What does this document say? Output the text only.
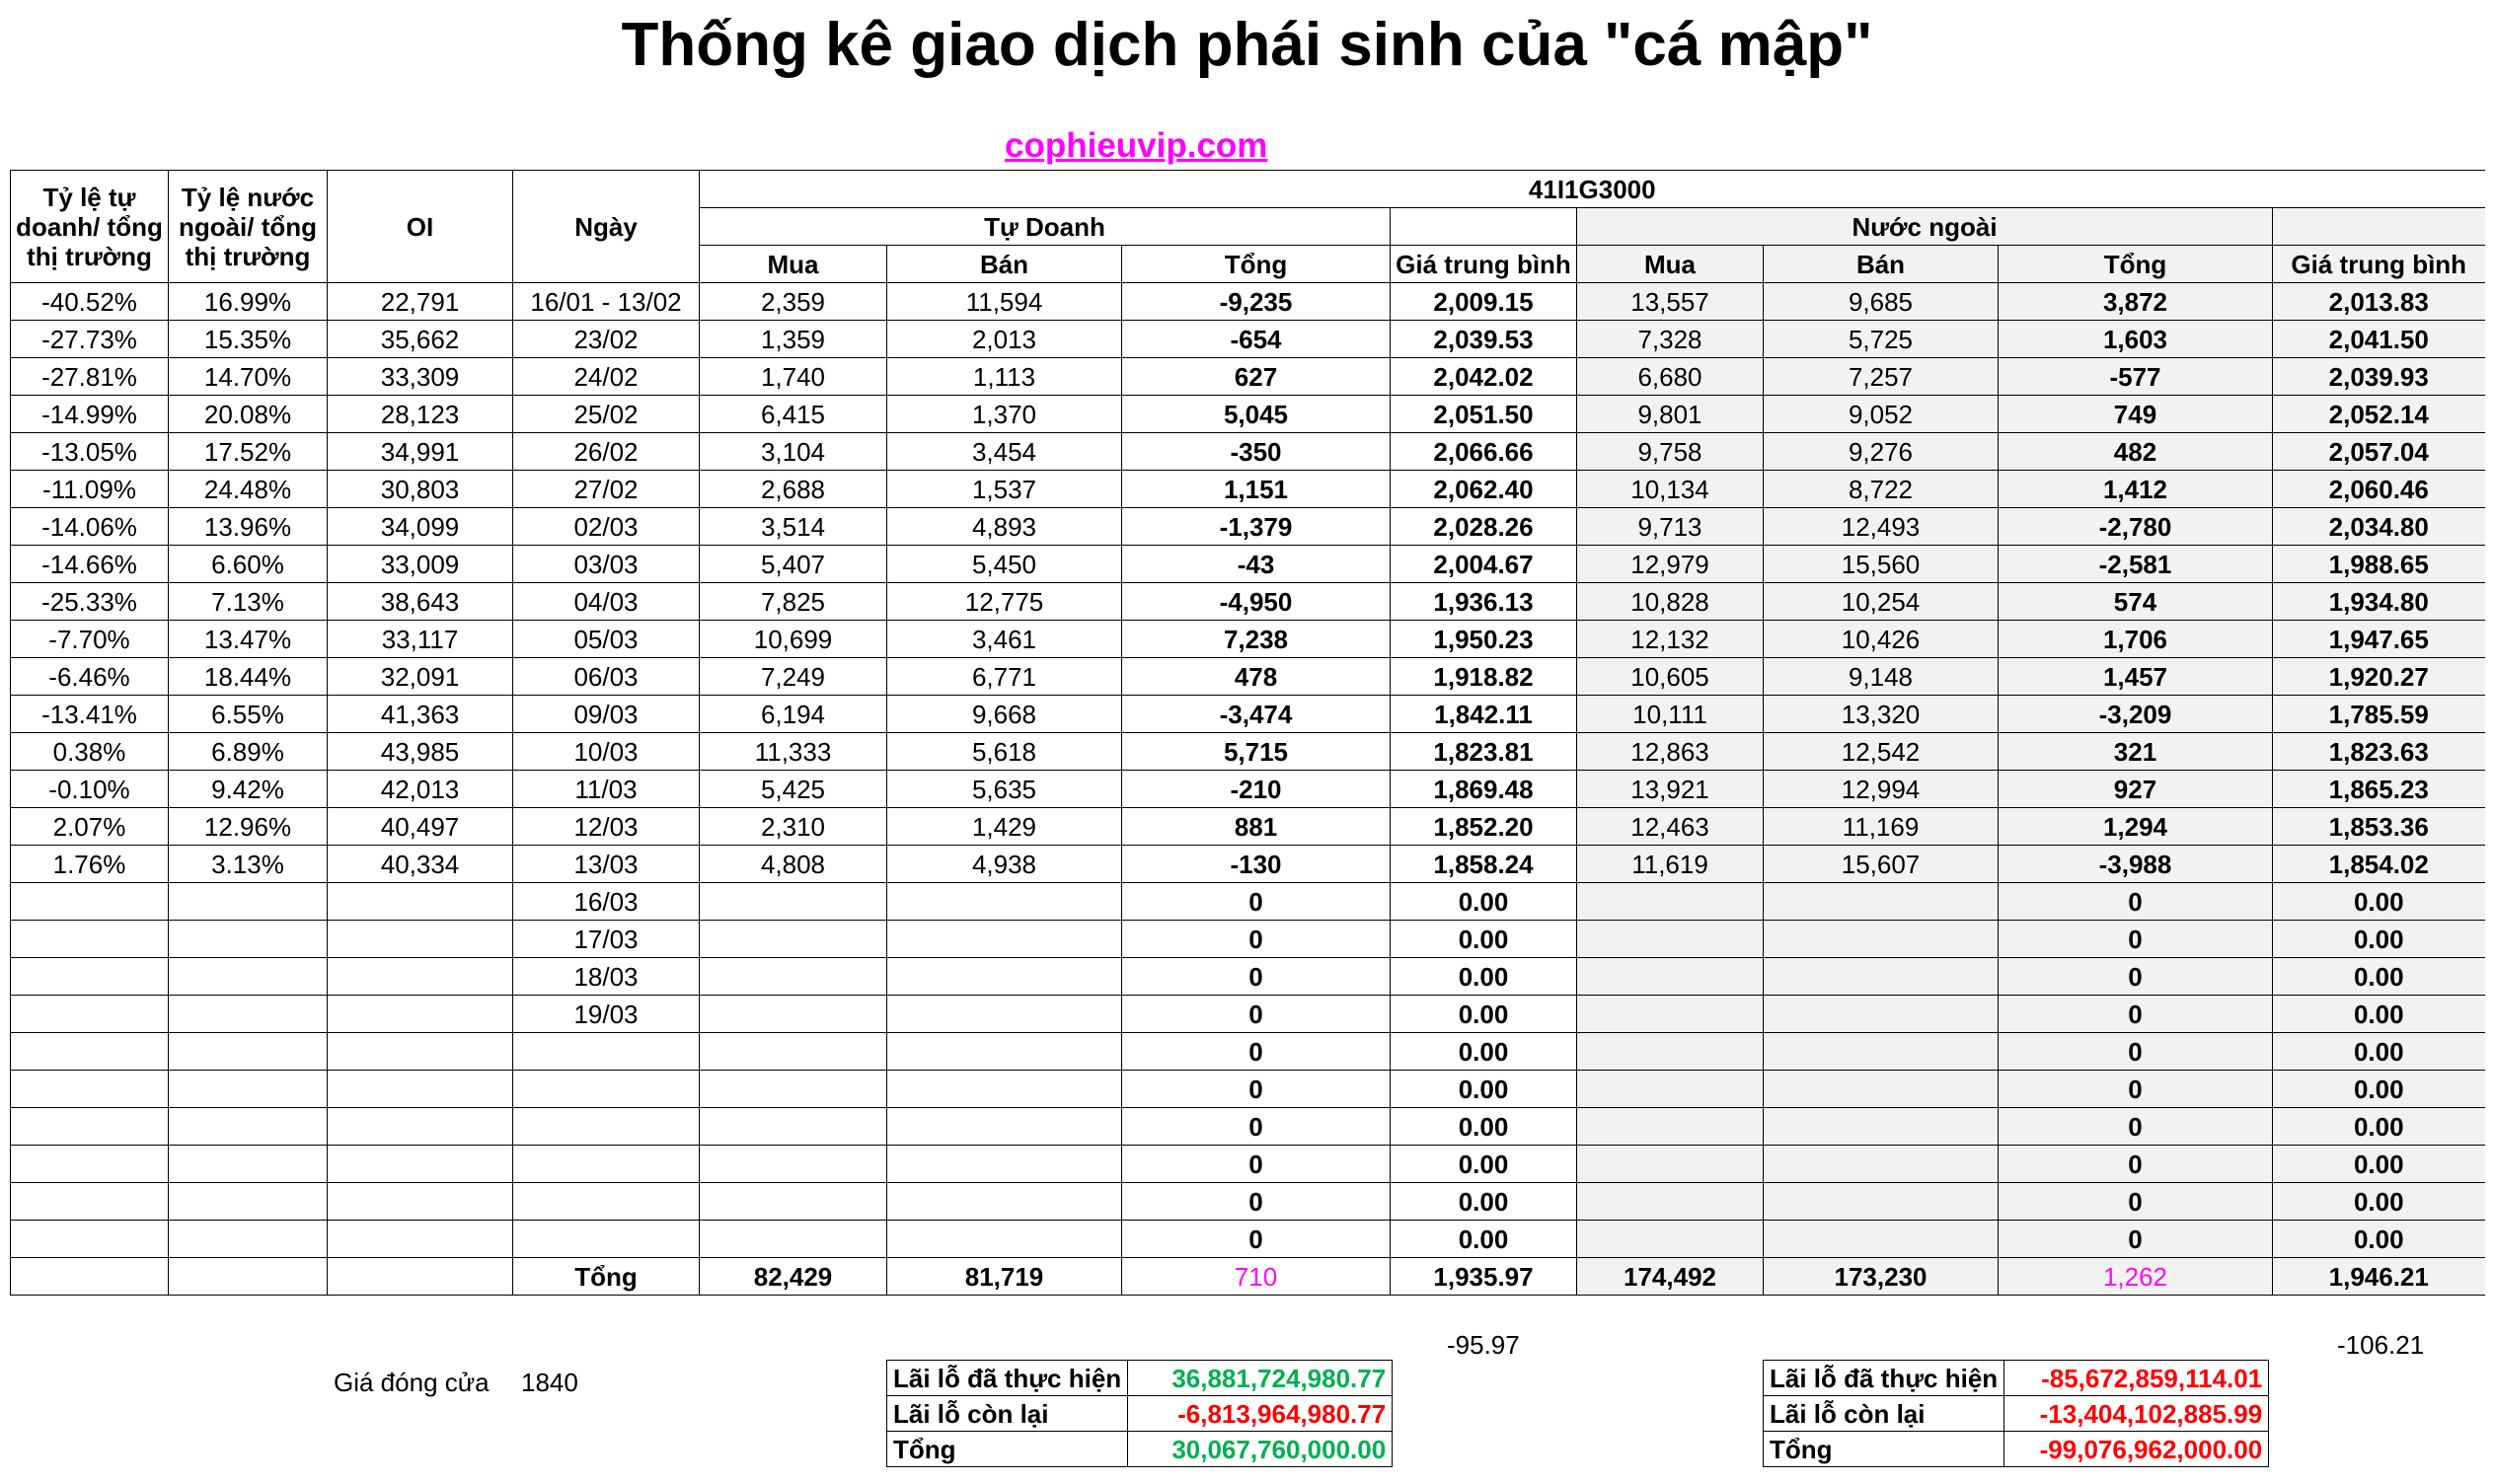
Thống kê giao dịch phái sinh của "cá mập"
cophieuvip.com
Tỷ lệ tự doanh/ tổng thị trường	Tỷ lệ nước ngoài/ tổng thị trường	OI	Ngày	41I1G3000							
				Tự Doanh				Nước ngoài			
				Mua	Bán	Tổng	Giá trung bình	Mua	Bán	Tổng	Giá trung bình
-40.52%	16.99%	22,791	16/01 - 13/02	2,359	11,594	-9,235	2,009.15	13,557	9,685	3,872	2,013.83
-27.73%	15.35%	35,662	23/02	1,359	2,013	-654	2,039.53	7,328	5,725	1,603	2,041.50
-27.81%	14.70%	33,309	24/02	1,740	1,113	627	2,042.02	6,680	7,257	-577	2,039.93
-14.99%	20.08%	28,123	25/02	6,415	1,370	5,045	2,051.50	9,801	9,052	749	2,052.14
-13.05%	17.52%	34,991	26/02	3,104	3,454	-350	2,066.66	9,758	9,276	482	2,057.04
-11.09%	24.48%	30,803	27/02	2,688	1,537	1,151	2,062.40	10,134	8,722	1,412	2,060.46
-14.06%	13.96%	34,099	02/03	3,514	4,893	-1,379	2,028.26	9,713	12,493	-2,780	2,034.80
-14.66%	6.60%	33,009	03/03	5,407	5,450	-43	2,004.67	12,979	15,560	-2,581	1,988.65
-25.33%	7.13%	38,643	04/03	7,825	12,775	-4,950	1,936.13	10,828	10,254	574	1,934.80
-7.70%	13.47%	33,117	05/03	10,699	3,461	7,238	1,950.23	12,132	10,426	1,706	1,947.65
-6.46%	18.44%	32,091	06/03	7,249	6,771	478	1,918.82	10,605	9,148	1,457	1,920.27
-13.41%	6.55%	41,363	09/03	6,194	9,668	-3,474	1,842.11	10,111	13,320	-3,209	1,785.59
0.38%	6.89%	43,985	10/03	11,333	5,618	5,715	1,823.81	12,863	12,542	321	1,823.63
-0.10%	9.42%	42,013	11/03	5,425	5,635	-210	1,869.48	13,921	12,994	927	1,865.23
2.07%	12.96%	40,497	12/03	2,310	1,429	881	1,852.20	12,463	11,169	1,294	1,853.36
1.76%	3.13%	40,334	13/03	4,808	4,938	-130	1,858.24	11,619	15,607	-3,988	1,854.02
			16/03			0	0.00			0	0.00
			17/03			0	0.00			0	0.00
			18/03			0	0.00			0	0.00
			19/03			0	0.00			0	0.00
						0	0.00			0	0.00
						0	0.00			0	0.00
						0	0.00			0	0.00
						0	0.00			0	0.00
						0	0.00			0	0.00
						0	0.00			0	0.00
			Tổng	82,429	81,719	710	1,935.97	174,492	173,230	1,262	1,946.21
-95.97	-106.21
Giá đóng cửa 1840	Lãi lỗ đã thực hiện	36,881,724,980.77
Lãi lỗ còn lại	-6,813,964,980.77
Tổng	30,067,760,000.00
Lãi lỗ đã thực hiện	-85,672,859,114.01
Lãi lỗ còn lại	-13,404,102,885.99
Tổng	-99,076,962,000.00
